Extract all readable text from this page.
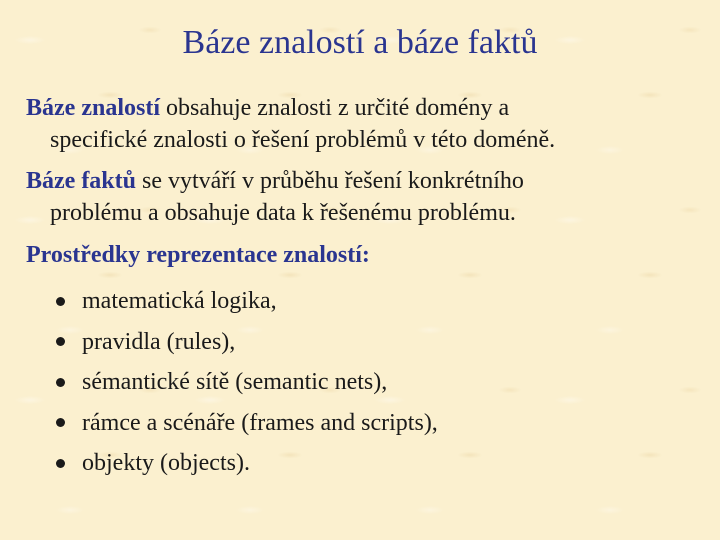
Báze znalostí a báze faktů
Báze znalostí obsahuje znalosti z určité domény a
specifické znalosti o řešení problémů v této doméně.
Báze faktů se vytváří v průběhu řešení konkrétního
problému a obsahuje data k řešenému problému.
Prostředky reprezentace znalostí:
matematická logika,
pravidla (rules),
sémantické sítě (semantic nets),
rámce a scénáře (frames and scripts),
objekty (objects).
